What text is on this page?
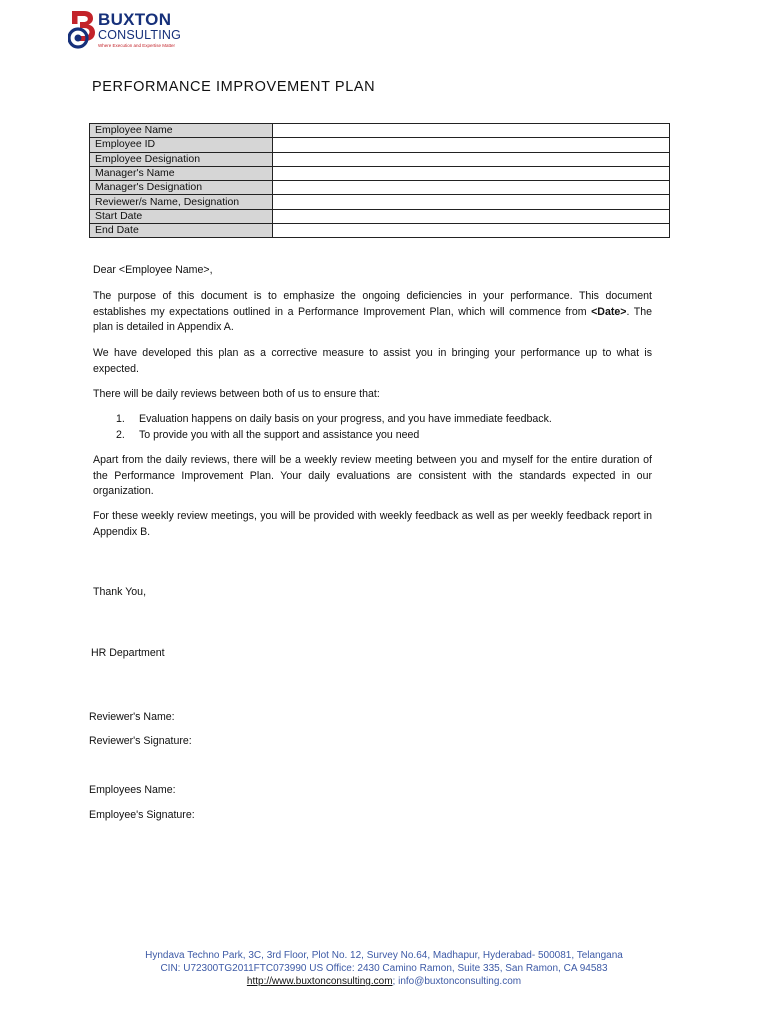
BUXTON
CONSULTING
Where Execution and Expertise Matter
PERFORMANCE IMPROVEMENT PLAN
Employee Name	
Employee ID	
Employee Designation	
Manager's Name	
Manager's Designation	
Reviewer/s Name, Designation	
Start Date	
End Date	
Dear <Employee Name>,
The purpose of this document is to emphasize the ongoing deficiencies in your performance. This document establishes my expectations outlined in a Performance Improvement Plan, which will commence from <Date>. The plan is detailed in Appendix A.
We have developed this plan as a corrective measure to assist you in bringing your performance up to what is expected.
There will be daily reviews between both of us to ensure that:
1. Evaluation happens on daily basis on your progress, and you have immediate feedback.
2. To provide you with all the support and assistance you need
Apart from the daily reviews, there will be a weekly review meeting between you and myself for the entire duration of the Performance Improvement Plan. Your daily evaluations are consistent with the standards expected in our organization.
For these weekly review meetings, you will be provided with weekly feedback as well as per weekly feedback report in Appendix B.
Thank You,
HR Department
Reviewer's Name:
Reviewer's Signature:
Employees Name:
Employee's Signature:
Hyndava Techno Park, 3C, 3rd Floor, Plot No. 12, Survey No.64, Madhapur, Hyderabad- 500081, Telangana
CIN: U72300TG2011FTC073990 US Office: 2430 Camino Ramon, Suite 335, San Ramon, CA 94583
http://www.buxtonconsulting.com; info@buxtonconsulting.com
